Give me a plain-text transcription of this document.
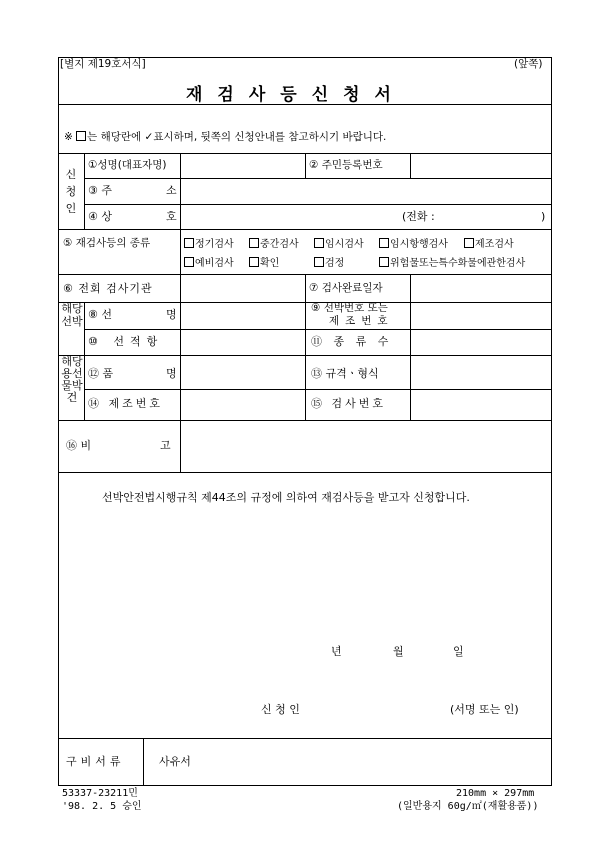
[별지 제19호서식]	(앞쪽)
재검사등신청서
※ 는 해당란에 ✓표시하며, 뒷쪽의 신청안내를 참고하시기 바랍니다.
신청인
①성명(대표자명)	② 주민등록번호
③ 주	소
④ 상	호	(전화 :	)
⑤ 재검사등의 종류	정기검사	중간검사	임시검사	임시항행검사	제조검사
예비검사	확인	검정	위험물또는특수화물에관한검사
⑥ 전회 검사기관	⑦ 검사완료일자
해당선박
⑧ 선	명	⑨ 선박번호 또는
제조번호
⑩ 선적항	⑪ 종 류 수
해당용선물박건
⑫ 품	명	⑬ 규격ㆍ형식
⑭ 제조번호	⑮ 검사번호
⑯ 비	고
선박안전법시행규칙 제44조의 규정에 의하여 재검사등을 받고자 신청합니다.
년	월	일
신 청 인	(서명 또는 인)
구비서류	사유서
53337-23211민
'98. 2. 5 승인
210mm × 297mm
(일반용지 60g/㎡(재활용품))
